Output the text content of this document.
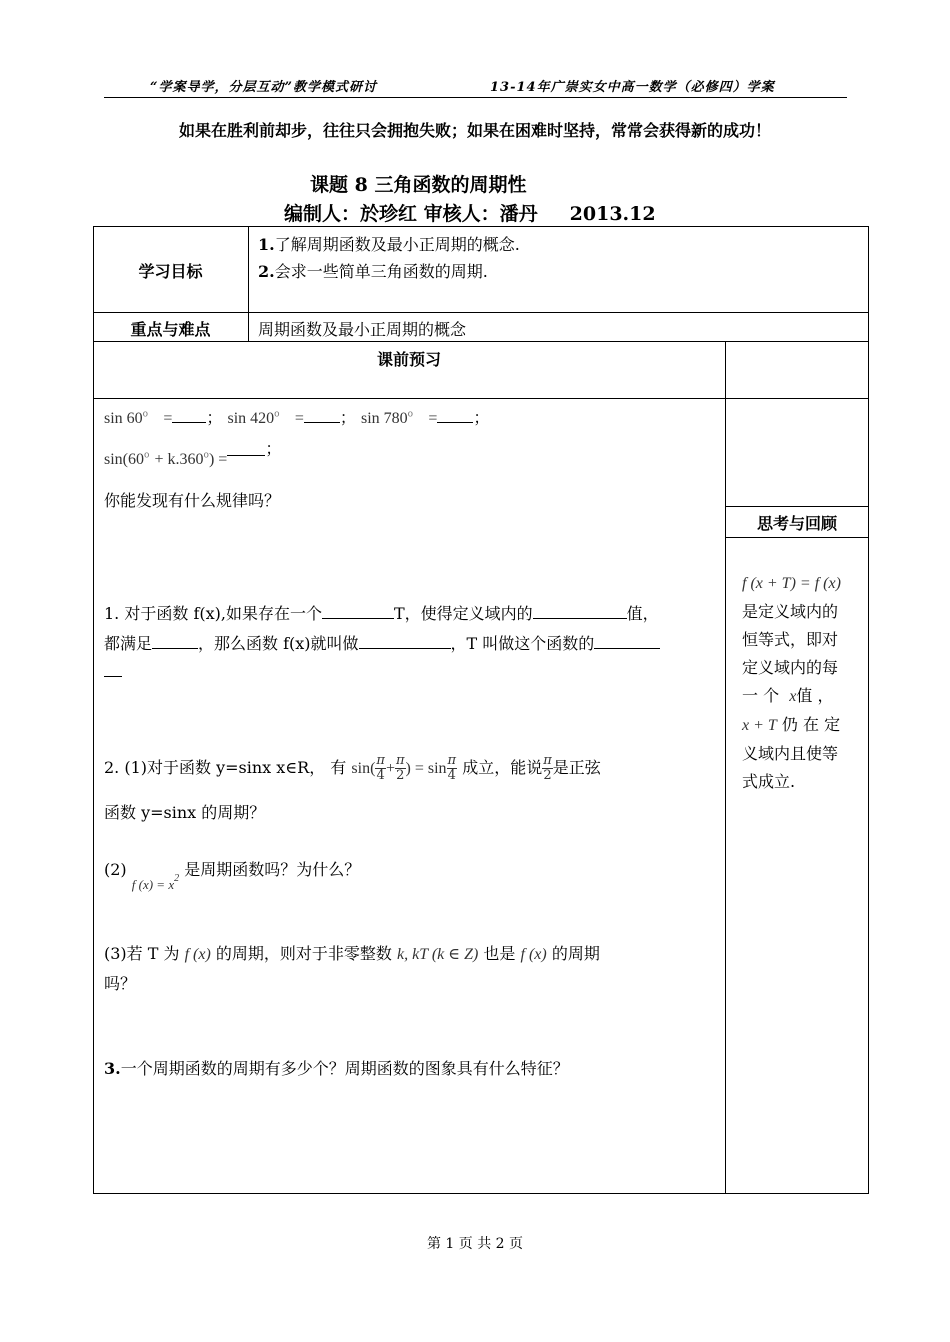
“学案导学，分层互动”教学模式研讨	13-14年广崇实女中高一数学（必修四）学案
如果在胜利前却步，往往只会拥抱失败；如果在困难时坚持，常常会获得新的成功！
课题 8 三角函数的周期性
编制人：於珍红 审核人：潘丹 2013.12
学习目标
1.了解周期函数及最小正周期的概念.
2.会求一些简单三角函数的周期.
重点与难点	周期函数及最小正周期的概念
课前预习
思考与回顾
$\sin 60^o$ = ； $\sin 420^o$ = ； $\sin 780^o$ = ；
$\sin(60^o + k.360^o)$ =；
你能发现有什么规律吗？
1. 对于函数 f(x),如果存在一个	T，使得定义域内的	值，
都满足	，那么函数 f(x)就叫做	，T 叫做这个函数的
2. (1)对于函数 y=sinx x∈R， 有 $\sin( \frac{\pi}{4} + \frac{\pi}{2}$ ) = $\sin \frac{\pi}{4}$ 成立，能说 $\frac{\pi}{2}$ 是正弦
函数 y=sinx 的周期？
(2) $_{f (x) = x2}$ 是周期函数吗？为什么？
(3)若 T 为 f (x) 的周期，则对于非零整数 k, kT (k ∈ Z) 也是 f (x) 的周期
吗？
3.一个周期函数的周期有多少个？周期函数的图象具有什么特征？
f (x + T) = f (x)
是定义域内的
恒等式，即对
定义域内的每
一 个 x值 ，
x + T 仍 在 定
义域内且使等
式成立.
第 1 页 共 2 页
